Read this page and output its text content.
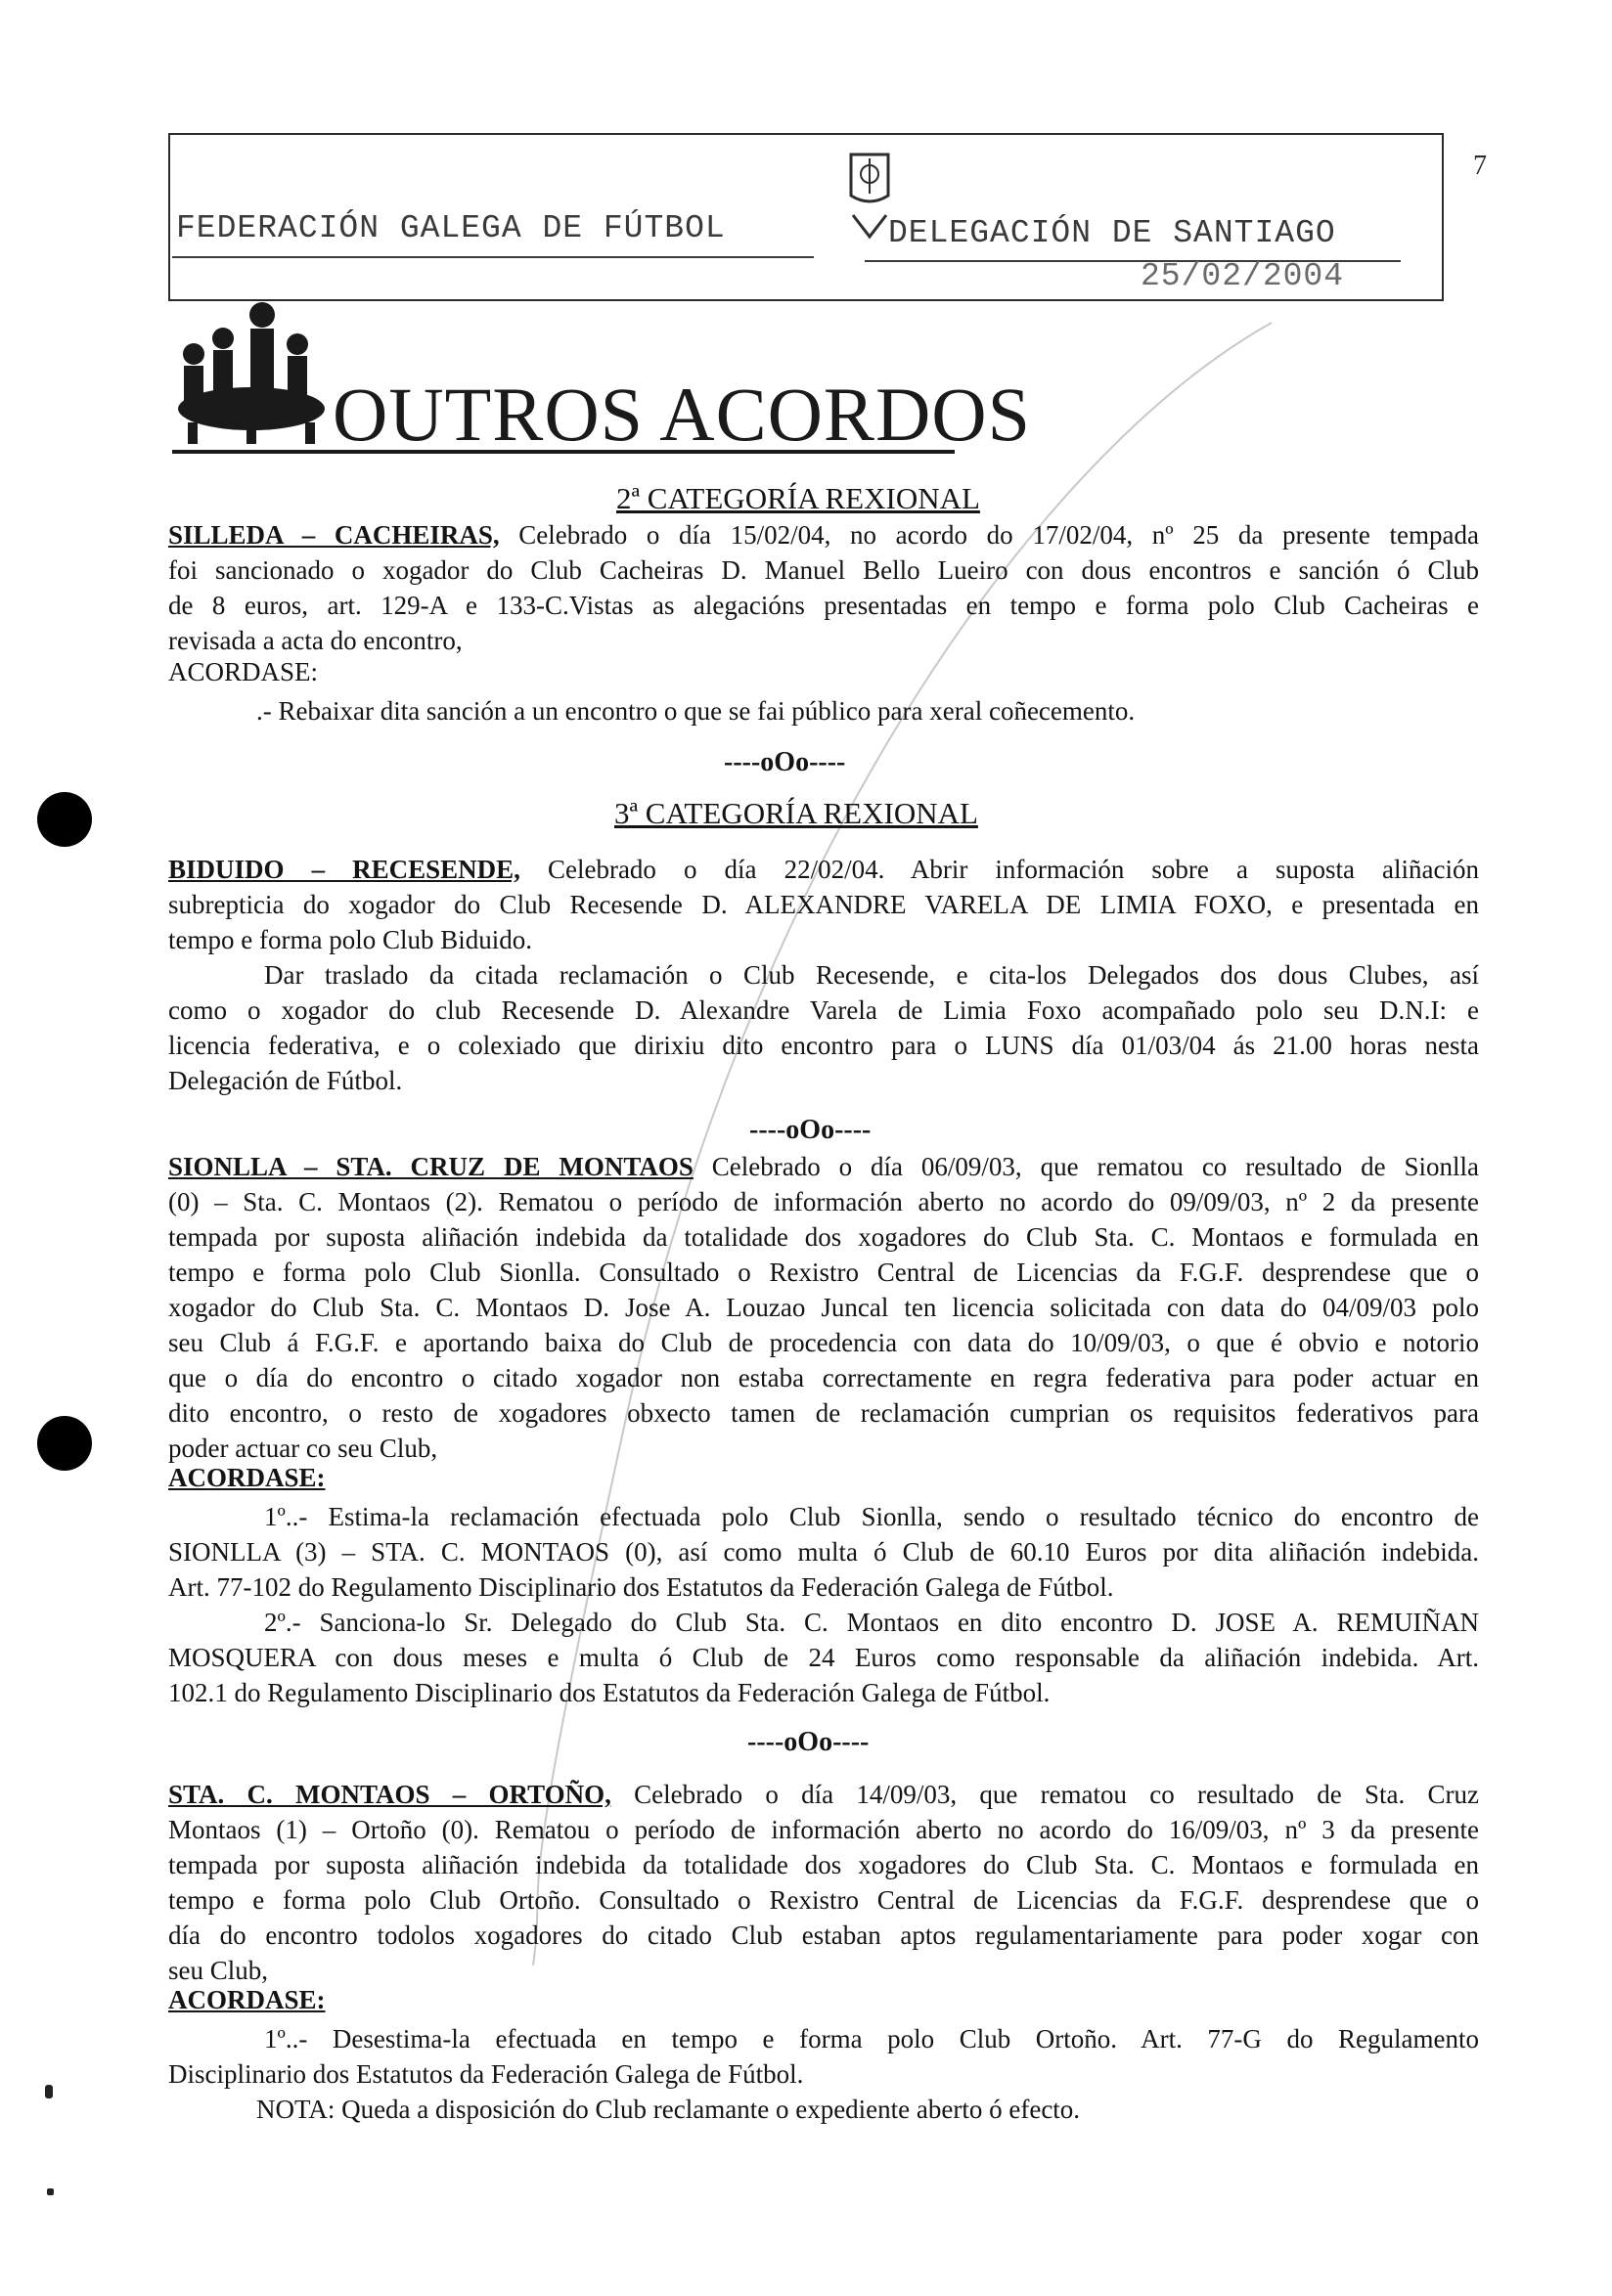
FEDERACIÓN GALEGA DE FÚTBOL	DELEGACIÓN DE SANTIAGO
25/02/2004
7
OUTROS ACORDOS
2ª CATEGORÍA REXIONAL
SILLEDA – CACHEIRAS, Celebrado o día 15/02/04, no acordo do 17/02/04, nº 25 da presente tempada
foi sancionado o xogador do Club Cacheiras D. Manuel Bello Lueiro con dous encontros e sanción ó Club
de 8 euros, art. 129-A e 133-C.Vistas as alegacións presentadas en tempo e forma polo Club Cacheiras e
revisada a acta do encontro,
ACORDASE:
.- Rebaixar dita sanción a un encontro o que se fai público para xeral coñecemento.
----oOo----
3ª CATEGORÍA REXIONAL
BIDUIDO – RECESENDE, Celebrado o día 22/02/04. Abrir información sobre a suposta aliñación
subrepticia do xogador do Club Recesende D. ALEXANDRE VARELA DE LIMIA FOXO, e presentada en
tempo e forma polo Club Biduido.
Dar traslado da citada reclamación o Club Recesende, e cita-los Delegados dos dous Clubes, así
como o xogador do club Recesende D. Alexandre Varela de Limia Foxo acompañado polo seu D.N.I: e
licencia federativa, e o colexiado que dirixiu dito encontro para o LUNS día 01/03/04 ás 21.00 horas nesta
Delegación de Fútbol.
----oOo----
SIONLLA – STA. CRUZ DE MONTAOS Celebrado o día 06/09/03, que rematou co resultado de Sionlla
(0) – Sta. C. Montaos (2). Rematou o período de información aberto no acordo do 09/09/03, nº 2 da presente
tempada por suposta aliñación indebida da totalidade dos xogadores do Club Sta. C. Montaos e formulada en
tempo e forma polo Club Sionlla. Consultado o Rexistro Central de Licencias da F.G.F. desprendese que o
xogador do Club Sta. C. Montaos D. Jose A. Louzao Juncal ten licencia solicitada con data do 04/09/03 polo
seu Club á F.G.F. e aportando baixa do Club de procedencia con data do 10/09/03, o que é obvio e notorio
que o día do encontro o citado xogador non estaba correctamente en regra federativa para poder actuar en
dito encontro, o resto de xogadores obxecto tamen de reclamación cumprian os requisitos federativos para
poder actuar co seu Club,
ACORDASE:
1º..- Estima-la reclamación efectuada polo Club Sionlla, sendo o resultado técnico do encontro de
SIONLLA (3) – STA. C. MONTAOS (0), así como multa ó Club de 60.10 Euros por dita aliñación indebida.
Art. 77-102 do Regulamento Disciplinario dos Estatutos da Federación Galega de Fútbol.
2º.- Sanciona-lo Sr. Delegado do Club Sta. C. Montaos en dito encontro D. JOSE A. REMUIÑAN
MOSQUERA con dous meses e multa ó Club de 24 Euros como responsable da aliñación indebida. Art.
102.1 do Regulamento Disciplinario dos Estatutos da Federación Galega de Fútbol.
----oOo----
STA. C. MONTAOS – ORTOÑO, Celebrado o día 14/09/03, que rematou co resultado de Sta. Cruz
Montaos (1) – Ortoño (0). Rematou o período de información aberto no acordo do 16/09/03, nº 3 da presente
tempada por suposta aliñación indebida da totalidade dos xogadores do Club Sta. C. Montaos e formulada en
tempo e forma polo Club Ortoño. Consultado o Rexistro Central de Licencias da F.G.F. desprendese que o
día do encontro todolos xogadores do citado Club estaban aptos regulamentariamente para poder xogar con
seu Club,
ACORDASE:
1º..- Desestima-la efectuada en tempo e forma polo Club Ortoño. Art. 77-G do Regulamento
Disciplinario dos Estatutos da Federación Galega de Fútbol.
NOTA: Queda a disposición do Club reclamante o expediente aberto ó efecto.
